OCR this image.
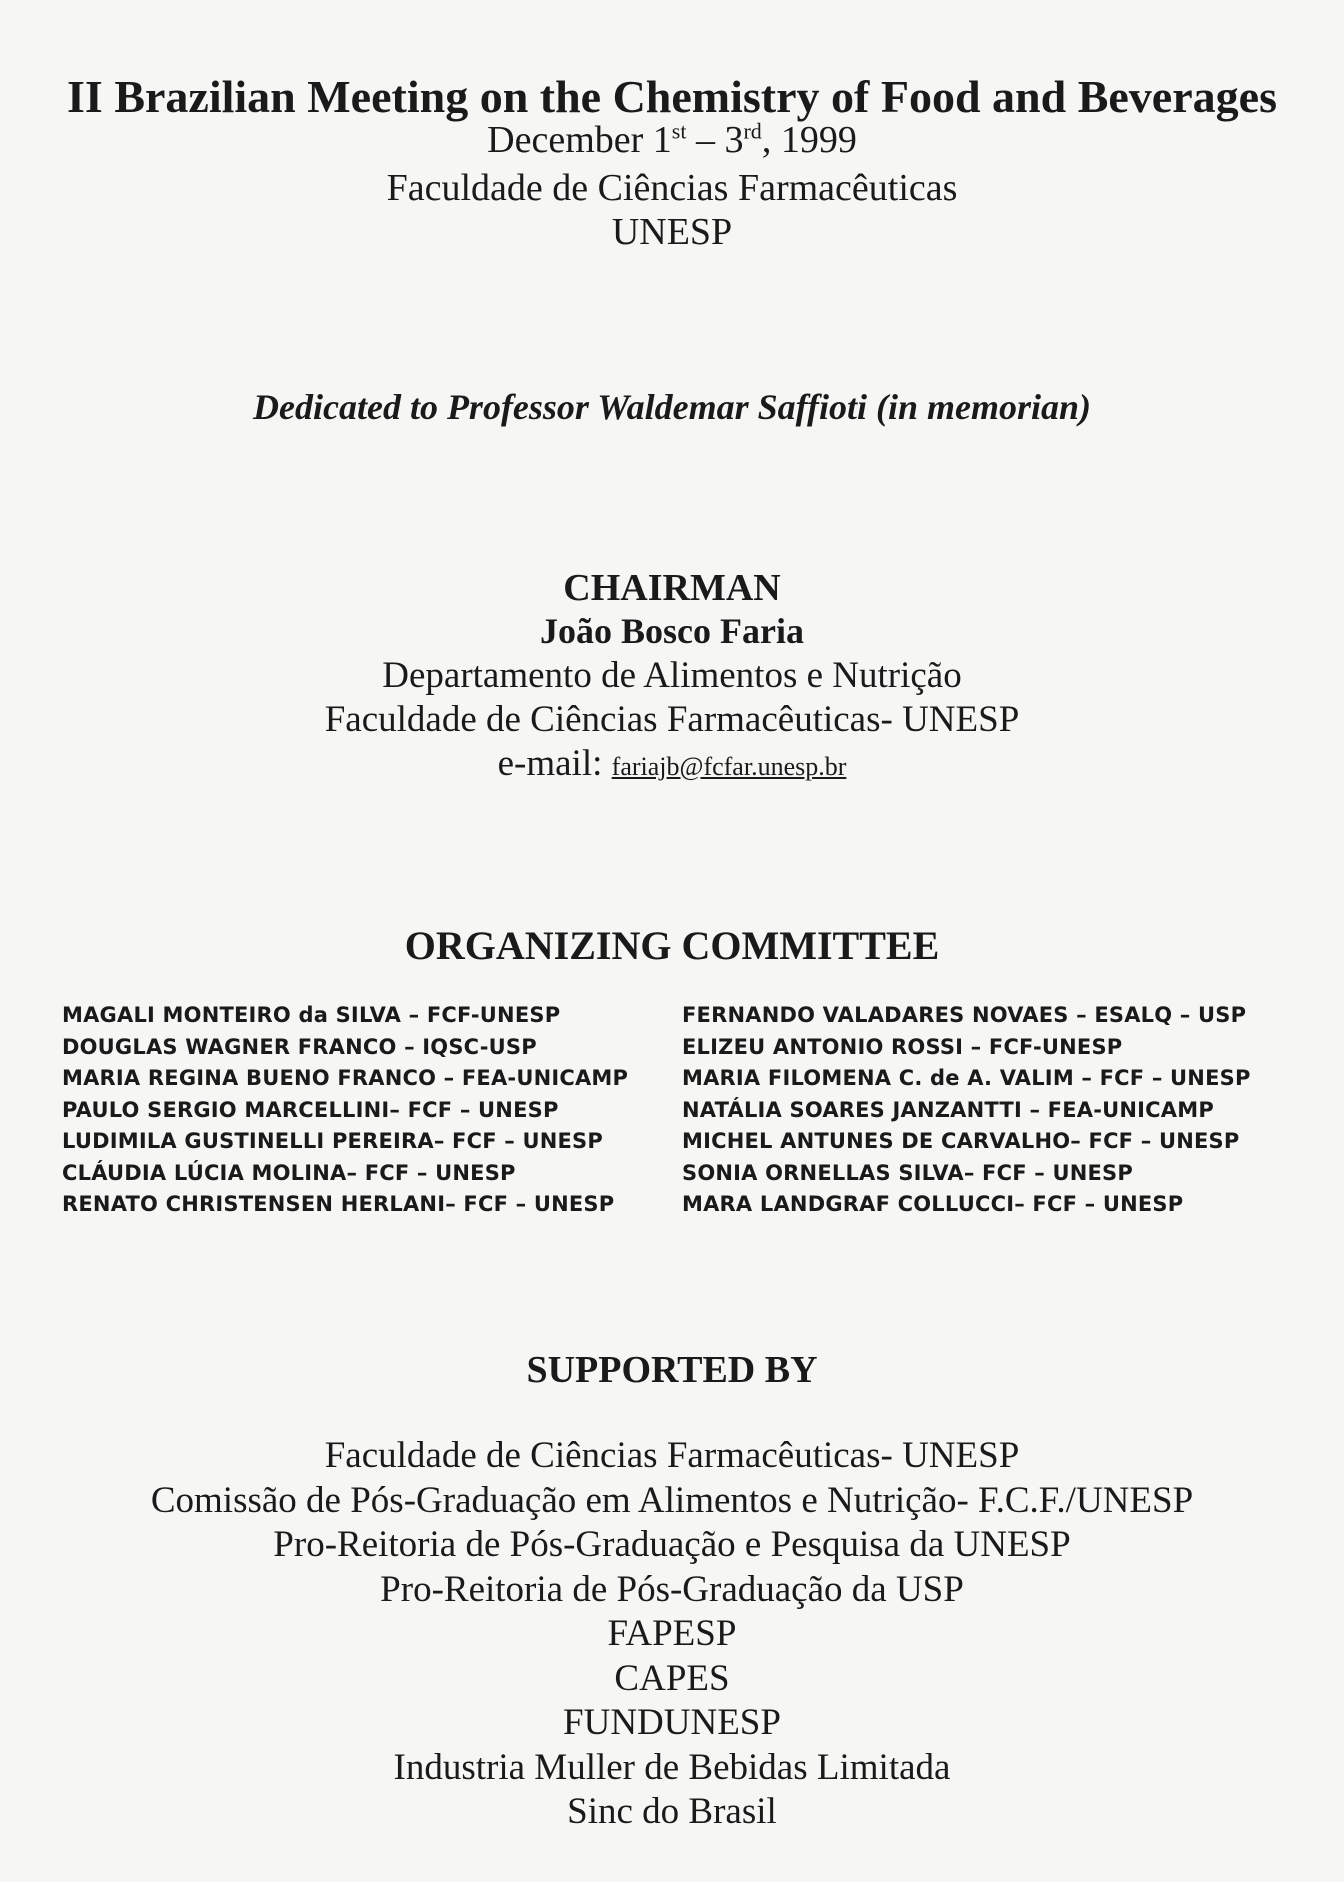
II Brazilian Meeting on the Chemistry of Food and Beverages
December 1st – 3rd, 1999
Faculdade de Ciências Farmacêuticas
UNESP
Dedicated to Professor Waldemar Saffioti (in memorian)
CHAIRMAN
João Bosco Faria
Departamento de Alimentos e Nutrição
Faculdade de Ciências Farmacêuticas- UNESP
e-mail: fariajb@fcfar.unesp.br
ORGANIZING COMMITTEE
MAGALI MONTEIRO da SILVA – FCF-UNESP
DOUGLAS WAGNER FRANCO – IQSC-USP
MARIA REGINA BUENO FRANCO – FEA-UNICAMP
PAULO SERGIO MARCELLINI– FCF – UNESP
LUDIMILA GUSTINELLI PEREIRA– FCF – UNESP
CLÁUDIA LÚCIA MOLINA– FCF – UNESP
RENATO CHRISTENSEN HERLANI– FCF – UNESP
FERNANDO VALADARES NOVAES – ESALQ – USP
ELIZEU ANTONIO ROSSI – FCF-UNESP
MARIA FILOMENA C. de A. VALIM – FCF – UNESP
NATÁLIA SOARES JANZANTTI – FEA-UNICAMP
MICHEL ANTUNES DE CARVALHO– FCF – UNESP
SONIA ORNELLAS SILVA– FCF – UNESP
MARA LANDGRAF COLLUCCI– FCF – UNESP
SUPPORTED BY
Faculdade de Ciências Farmacêuticas- UNESP
Comissão de Pós-Graduação em Alimentos e Nutrição- F.C.F./UNESP
Pro-Reitoria de Pós-Graduação e Pesquisa da UNESP
Pro-Reitoria de Pós-Graduação da USP
FAPESP
CAPES
FUNDUNESP
Industria Muller de Bebidas Limitada
Sinc do Brasil
